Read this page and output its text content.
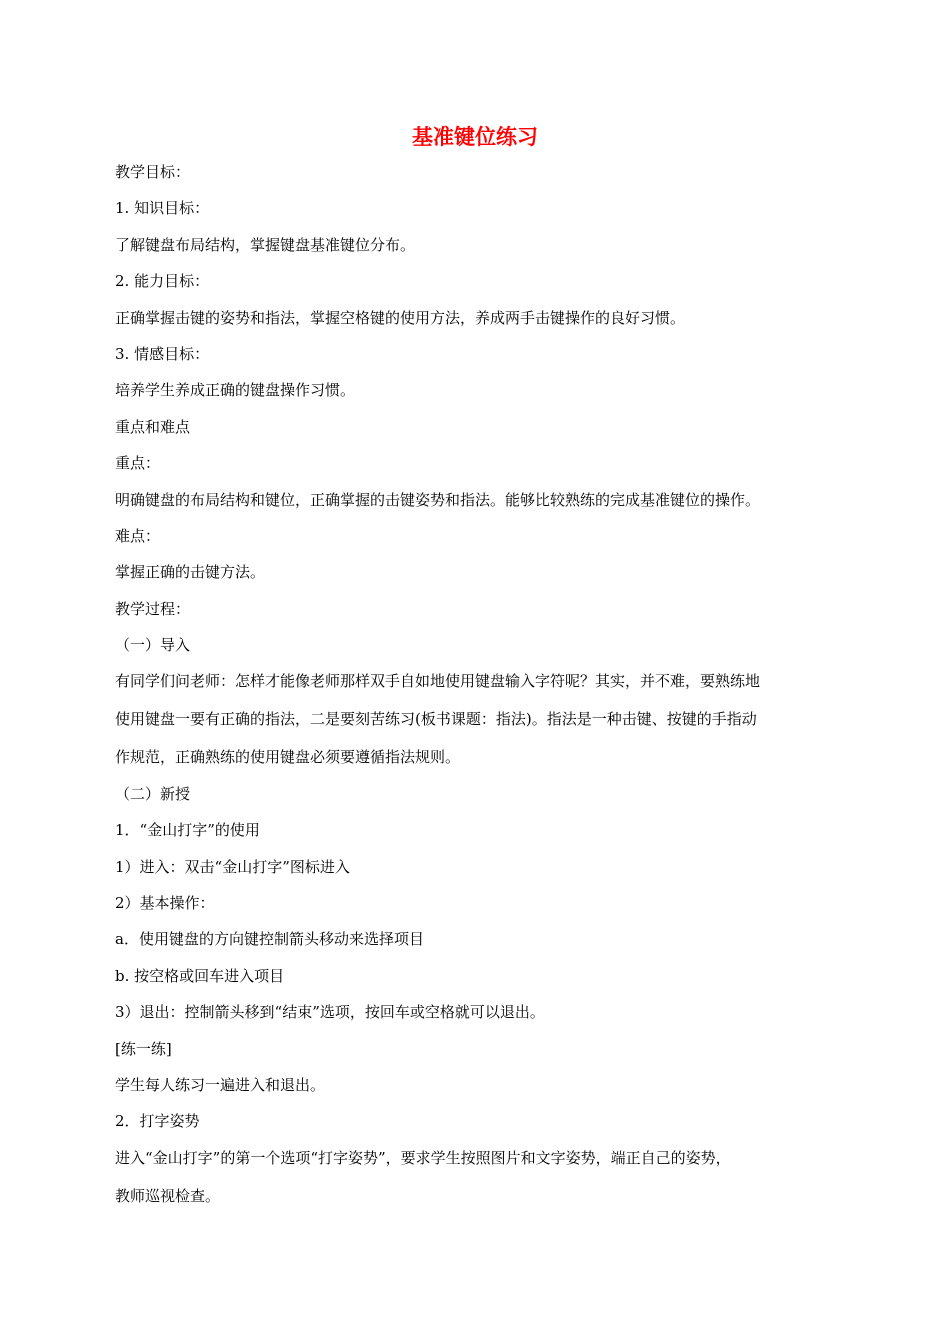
基准键位练习
教学目标：
1. 知识目标：
了解键盘布局结构，掌握键盘基准键位分布。
2. 能力目标：
正确掌握击键的姿势和指法，掌握空格键的使用方法，养成两手击键操作的良好习惯。
3. 情感目标：
培养学生养成正确的键盘操作习惯。
重点和难点
重点：
明确键盘的布局结构和键位，正确掌握的击键姿势和指法。能够比较熟练的完成基准键位的操作。
难点：
掌握正确的击键方法。
教学过程：
（一）导入
有同学们问老师：怎样才能像老师那样双手自如地使用键盘输入字符呢？其实，并不难，要熟练地
使用键盘一要有正确的指法，二是要刻苦练习(板书课题：指法)。指法是一种击键、按键的手指动
作规范，正确熟练的使用键盘必须要遵循指法规则。
（二）新授
1．“金山打字”的使用
1）进入：双击“金山打字”图标进入
2）基本操作：
a．使用键盘的方向键控制箭头移动来选择项目
b. 按空格或回车进入项目
3）退出：控制箭头移到“结束”选项，按回车或空格就可以退出。
[练一练]
学生每人练习一遍进入和退出。
2．打字姿势
进入“金山打字”的第一个选项“打字姿势”，要求学生按照图片和文字姿势，端正自己的姿势，
教师巡视检查。
